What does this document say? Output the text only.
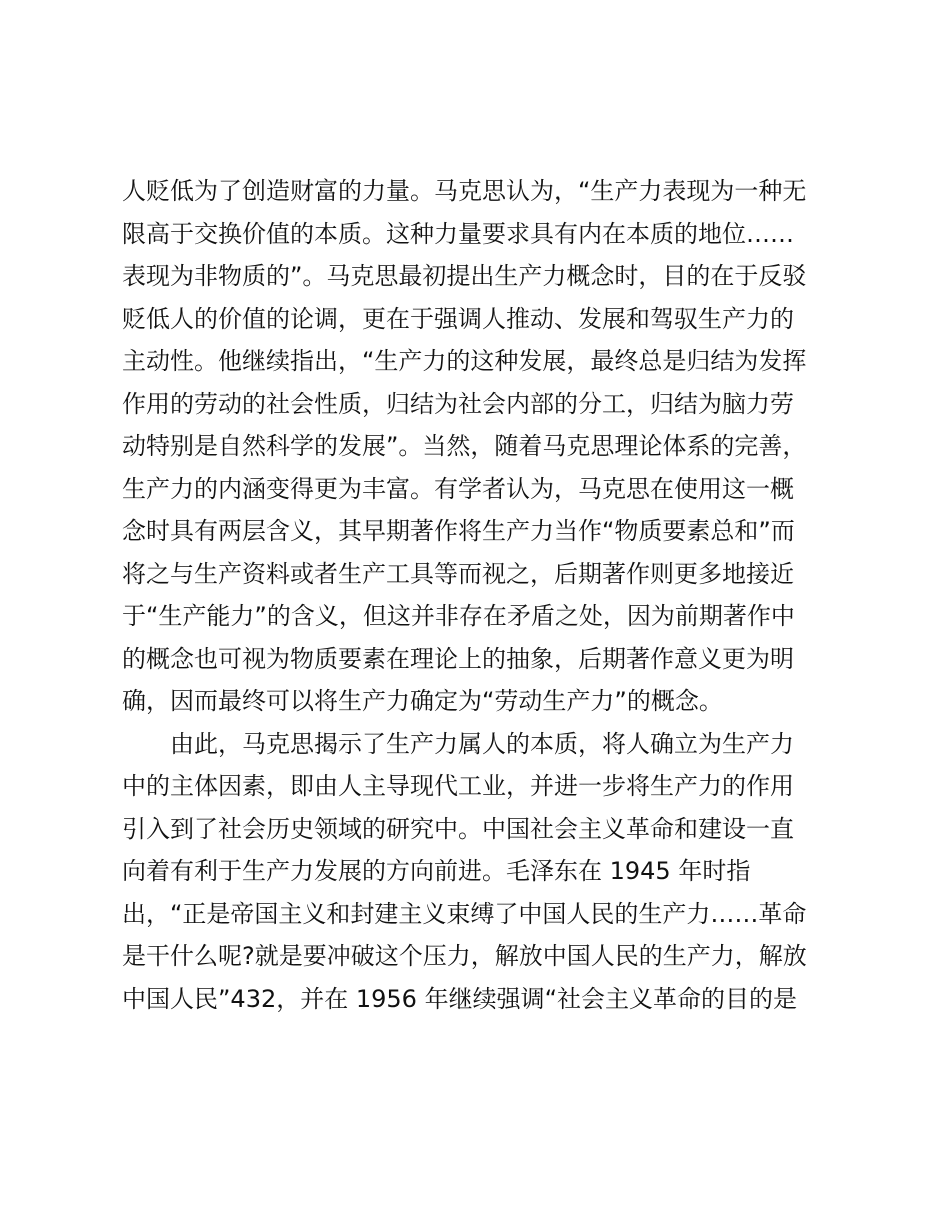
人贬低为了创造财富的力量。马克思认为，“生产力表现为一种无
限高于交换价值的本质。这种力量要求具有内在本质的地位……
表现为非物质的”。马克思最初提出生产力概念时，目的在于反驳
贬低人的价值的论调，更在于强调人推动、发展和驾驭生产力的
主动性。他继续指出，“生产力的这种发展，最终总是归结为发挥
作用的劳动的社会性质，归结为社会内部的分工，归结为脑力劳
动特别是自然科学的发展”。当然，随着马克思理论体系的完善，
生产力的内涵变得更为丰富。有学者认为，马克思在使用这一概
念时具有两层含义，其早期著作将生产力当作“物质要素总和”而
将之与生产资料或者生产工具等而视之，后期著作则更多地接近
于“生产能力”的含义，但这并非存在矛盾之处，因为前期著作中
的概念也可视为物质要素在理论上的抽象，后期著作意义更为明
确，因而最终可以将生产力确定为“劳动生产力”的概念。
　　由此，马克思揭示了生产力属人的本质，将人确立为生产力
中的主体因素，即由人主导现代工业，并进一步将生产力的作用
引入到了社会历史领域的研究中。中国社会主义革命和建设一直
向着有利于生产力发展的方向前进。毛泽东在 1945 年时指
出，“正是帝国主义和封建主义束缚了中国人民的生产力……革命
是干什么呢?就是要冲破这个压力，解放中国人民的生产力，解放
中国人民”432，并在 1956 年继续强调“社会主义革命的目的是
